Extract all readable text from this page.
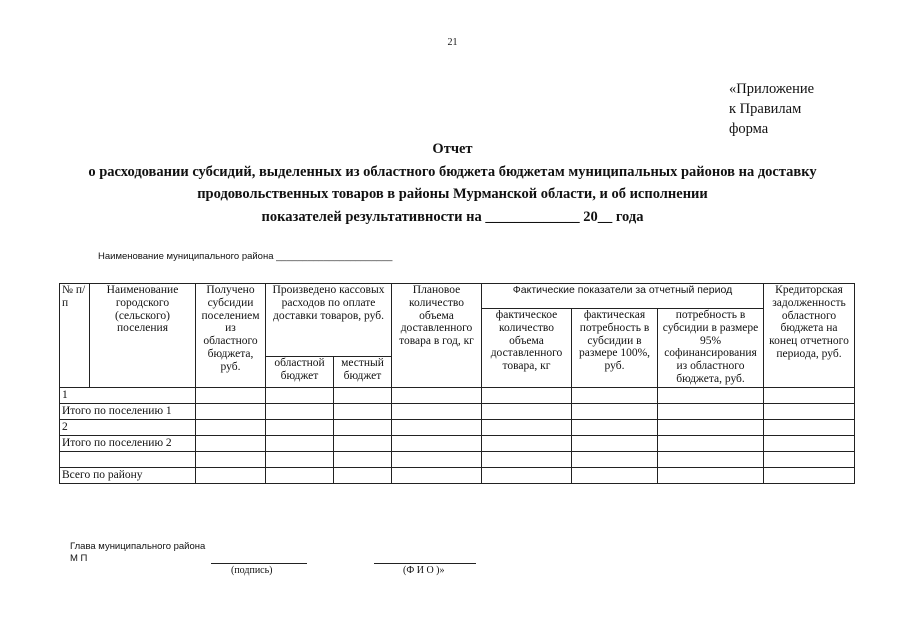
21
«Приложение
к Правилам
форма
Отчет
о расходовании субсидий, выделенных из областного бюджета бюджетам муниципальных районов на доставку
продовольственных товаров в районы Мурманской области, и об исполнении
показателей результативности на _____________ 20__ года
Наименование муниципального района ______________________
№ п/п	Наименование городского (сельского) поселения	Получено субсидии поселением из областного бюджета, руб.	Произведено кассовых расходов по оплате доставки товаров, руб.		Плановое количество объема доставленного товара в год, кг	Фактические показатели за отчетный период			Кредиторская задолженность областного бюджета на конец отчетного периода, руб.
						фактическое количество объема доставленного товара, кг	фактическая потребность в субсидии в размере 100%, руб.	потребность в субсидии в размере 95% софинансирования из областного бюджета, руб.	
			областной бюджет	местный бюджет					
1									
Итого по поселению 1									
2									
Итого по поселению 2									

Всего по району									
Глава муниципального района
М П
(подпись)	(Ф И О )»
